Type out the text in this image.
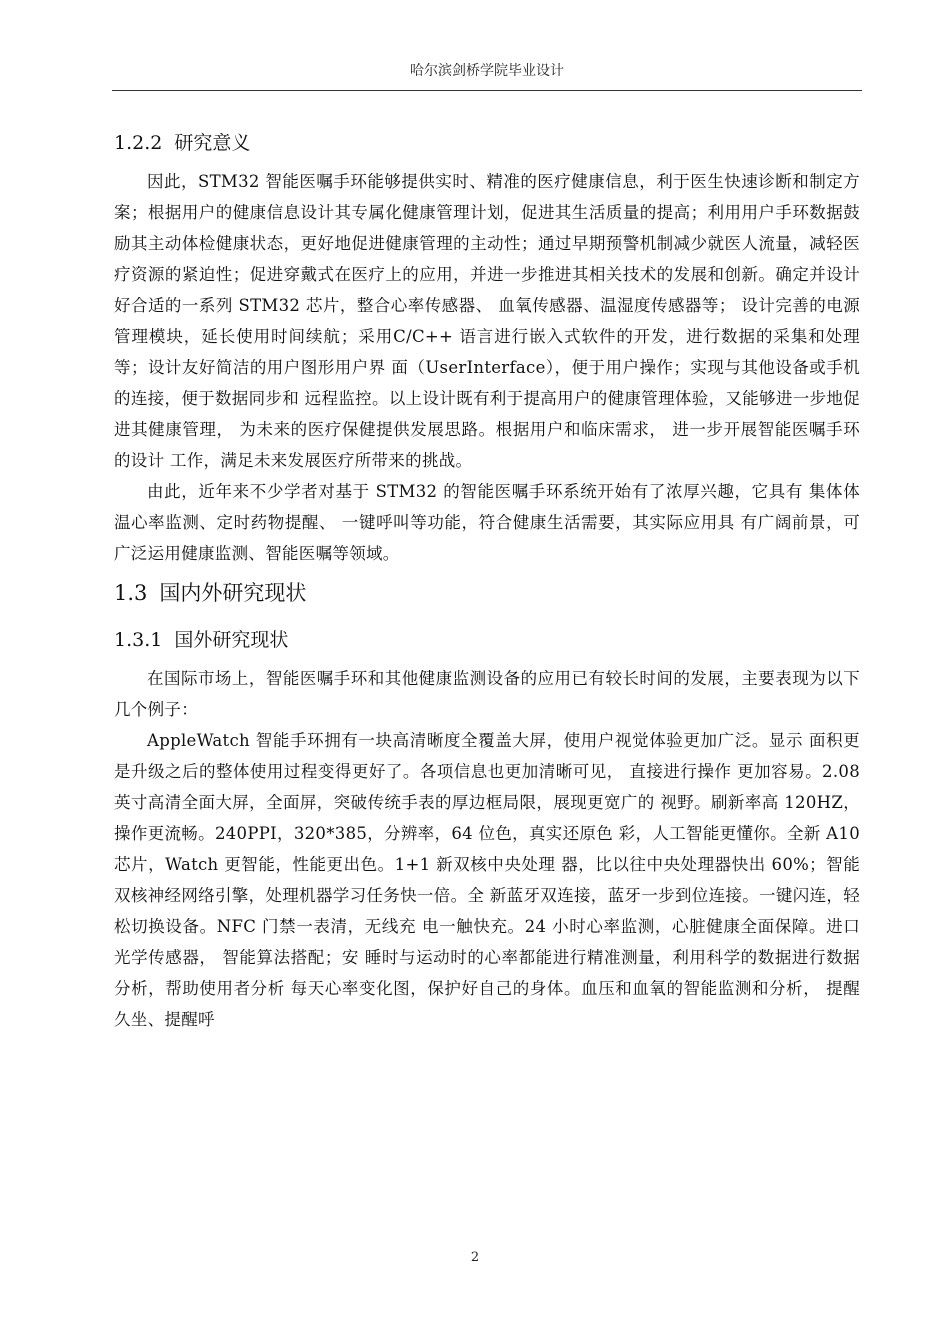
哈尔滨剑桥学院毕业设计
1.2.2 研究意义

因此，STM32 智能医嘱手环能够提供实时、精准的医疗健康信息，利于医生快速诊断和制定方案；根据用户的健康信息设计其专属化健康管理计划，促进其生活质量的提高；利用用户手环数据鼓励其主动体检健康状态，更好地促进健康管理的主动性；通过早期预警机制减少就医人流量，减轻医疗资源的紧迫性；促进穿戴式在医疗上的应用，并进一步推进其相关技术的发展和创新。确定并设计好合适的一系列 STM32 芯片，整合心率传感器、 血氧传感器、温湿度传感器等； 设计完善的电源管理模块，延长使用时间续航；采用C/C++ 语言进行嵌入式软件的开发，进行数据的采集和处理等；设计友好简洁的用户图形用户界 面（UserInterface），便于用户操作；实现与其他设备或手机的连接，便于数据同步和 远程监控。以上设计既有利于提高用户的健康管理体验，又能够进一步地促进其健康管理， 为未来的医疗保健提供发展思路。根据用户和临床需求， 进一步开展智能医嘱手环的设计 工作，满足未来发展医疗所带来的挑战。

由此，近年来不少学者对基于 STM32 的智能医嘱手环系统开始有了浓厚兴趣，它具有 集体体温心率监测、定时药物提醒、 一键呼叫等功能，符合健康生活需要，其实际应用具 有广阔前景，可广泛运用健康监测、智能医嘱等领域。

1.3 国内外研究现状
1.3.1 国外研究现状

在国际市场上，智能医嘱手环和其他健康监测设备的应用已有较长时间的发展，主要表现为以下几个例子：

AppleWatch 智能手环拥有一块高清晰度全覆盖大屏，使用户视觉体验更加广泛。显示 面积更是升级之后的整体使用过程变得更好了。各项信息也更加清晰可见， 直接进行操作 更加容易。2.08 英寸高清全面大屏，全面屏，突破传统手表的厚边框局限，展现更宽广的 视野。刷新率高 120HZ，操作更流畅。240PPI，320*385，分辨率，64 位色，真实还原色 彩，人工智能更懂你。全新 A10 芯片，Watch 更智能，性能更出色。1+1 新双核中央处理 器，比以往中央处理器快出 60%；智能双核神经网络引擎，处理机器学习任务快一倍。全 新蓝牙双连接，蓝牙一步到位连接。一键闪连，轻松切换设备。NFC 门禁一表清，无线充 电一触快充。24 小时心率监测，心脏健康全面保障。进口光学传感器， 智能算法搭配；安 睡时与运动时的心率都能进行精准测量，利用科学的数据进行数据分析，帮助使用者分析 每天心率变化图，保护好自己的身体。血压和血氧的智能监测和分析， 提醒久坐、提醒呼

2
